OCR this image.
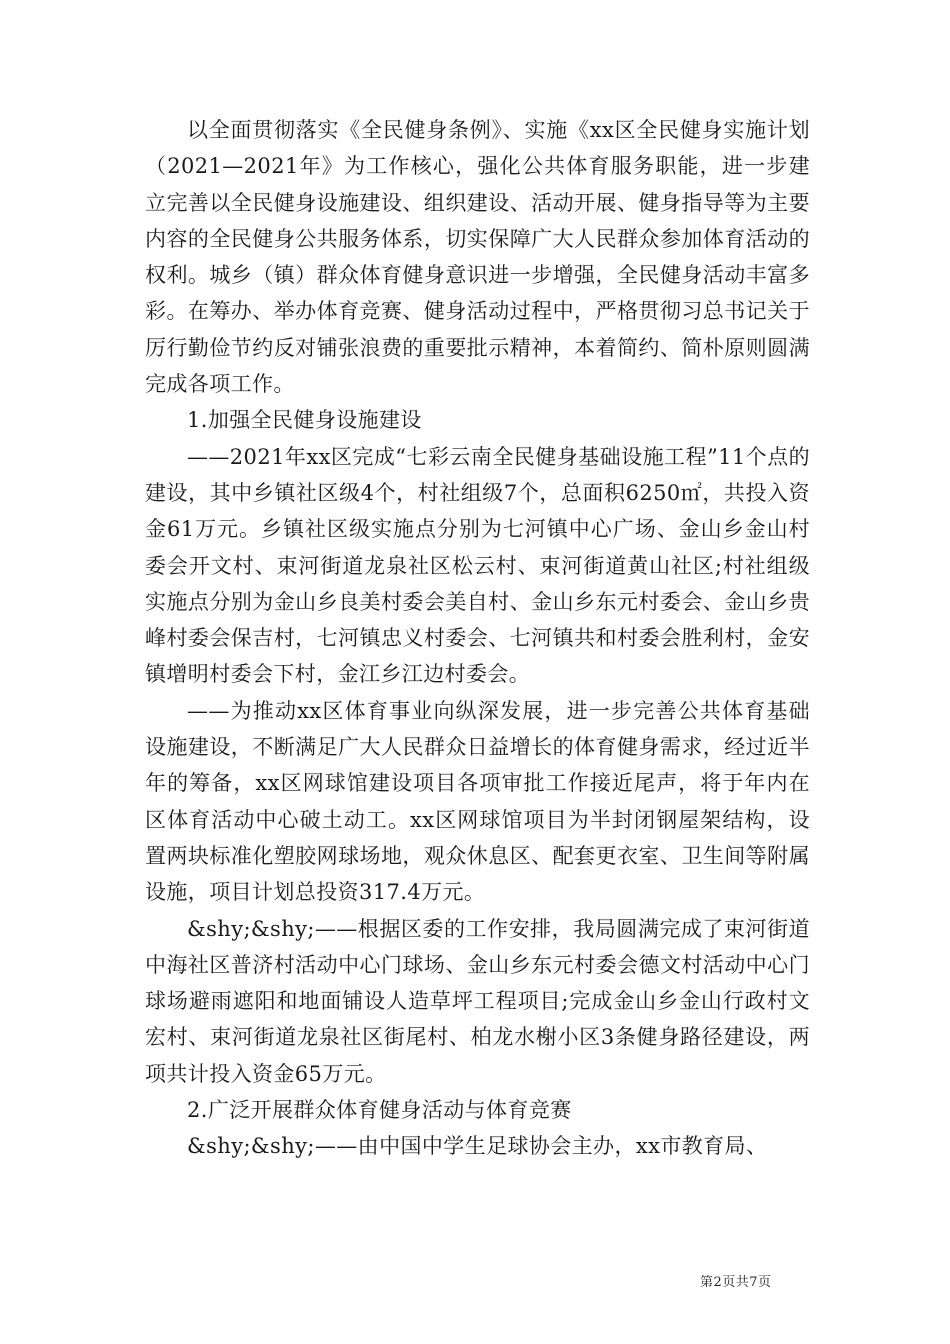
以全面贯彻落实《全民健身条例》、实施《xx区全民健身实施计划（2021—2021年》为工作核心，强化公共体育服务职能，进一步建立完善以全民健身设施建设、组织建设、活动开展、健身指导等为主要内容的全民健身公共服务体系，切实保障广大人民群众参加体育活动的权利。城乡（镇）群众体育健身意识进一步增强，全民健身活动丰富多彩。在筹办、举办体育竞赛、健身活动过程中，严格贯彻习总书记关于厉行勤俭节约反对铺张浪费的重要批示精神，本着简约、简朴原则圆满完成各项工作。

1.加强全民健身设施建设

——2021年xx区完成“七彩云南全民健身基础设施工程”11个点的建设，其中乡镇社区级4个，村社组级7个，总面积6250㎡，共投入资金61万元。乡镇社区级实施点分别为七河镇中心广场、金山乡金山村委会开文村、束河街道龙泉社区松云村、束河街道黄山社区;村社组级实施点分别为金山乡良美村委会美自村、金山乡东元村委会、金山乡贵峰村委会保吉村，七河镇忠义村委会、七河镇共和村委会胜利村，金安镇增明村委会下村，金江乡江边村委会。

——为推动xx区体育事业向纵深发展，进一步完善公共体育基础设施建设，不断满足广大人民群众日益增长的体育健身需求，经过近半年的筹备，xx区网球馆建设项目各项审批工作接近尾声，将于年内在区体育活动中心破土动工。xx区网球馆项目为半封闭钢屋架结构，设置两块标准化塑胶网球场地，观众休息区、配套更衣室、卫生间等附属设施，项目计划总投资317.4万元。

&shy;&shy;——根据区委的工作安排，我局圆满完成了束河街道中海社区普济村活动中心门球场、金山乡东元村委会德文村活动中心门球场避雨遮阳和地面铺设人造草坪工程项目;完成金山乡金山行政村文宏村、束河街道龙泉社区街尾村、柏龙水榭小区3条健身路径建设，两项共计投入资金65万元。

2.广泛开展群众体育健身活动与体育竞赛

&shy;&shy;——由中国中学生足球协会主办，xx市教育局、

第2页共7页
